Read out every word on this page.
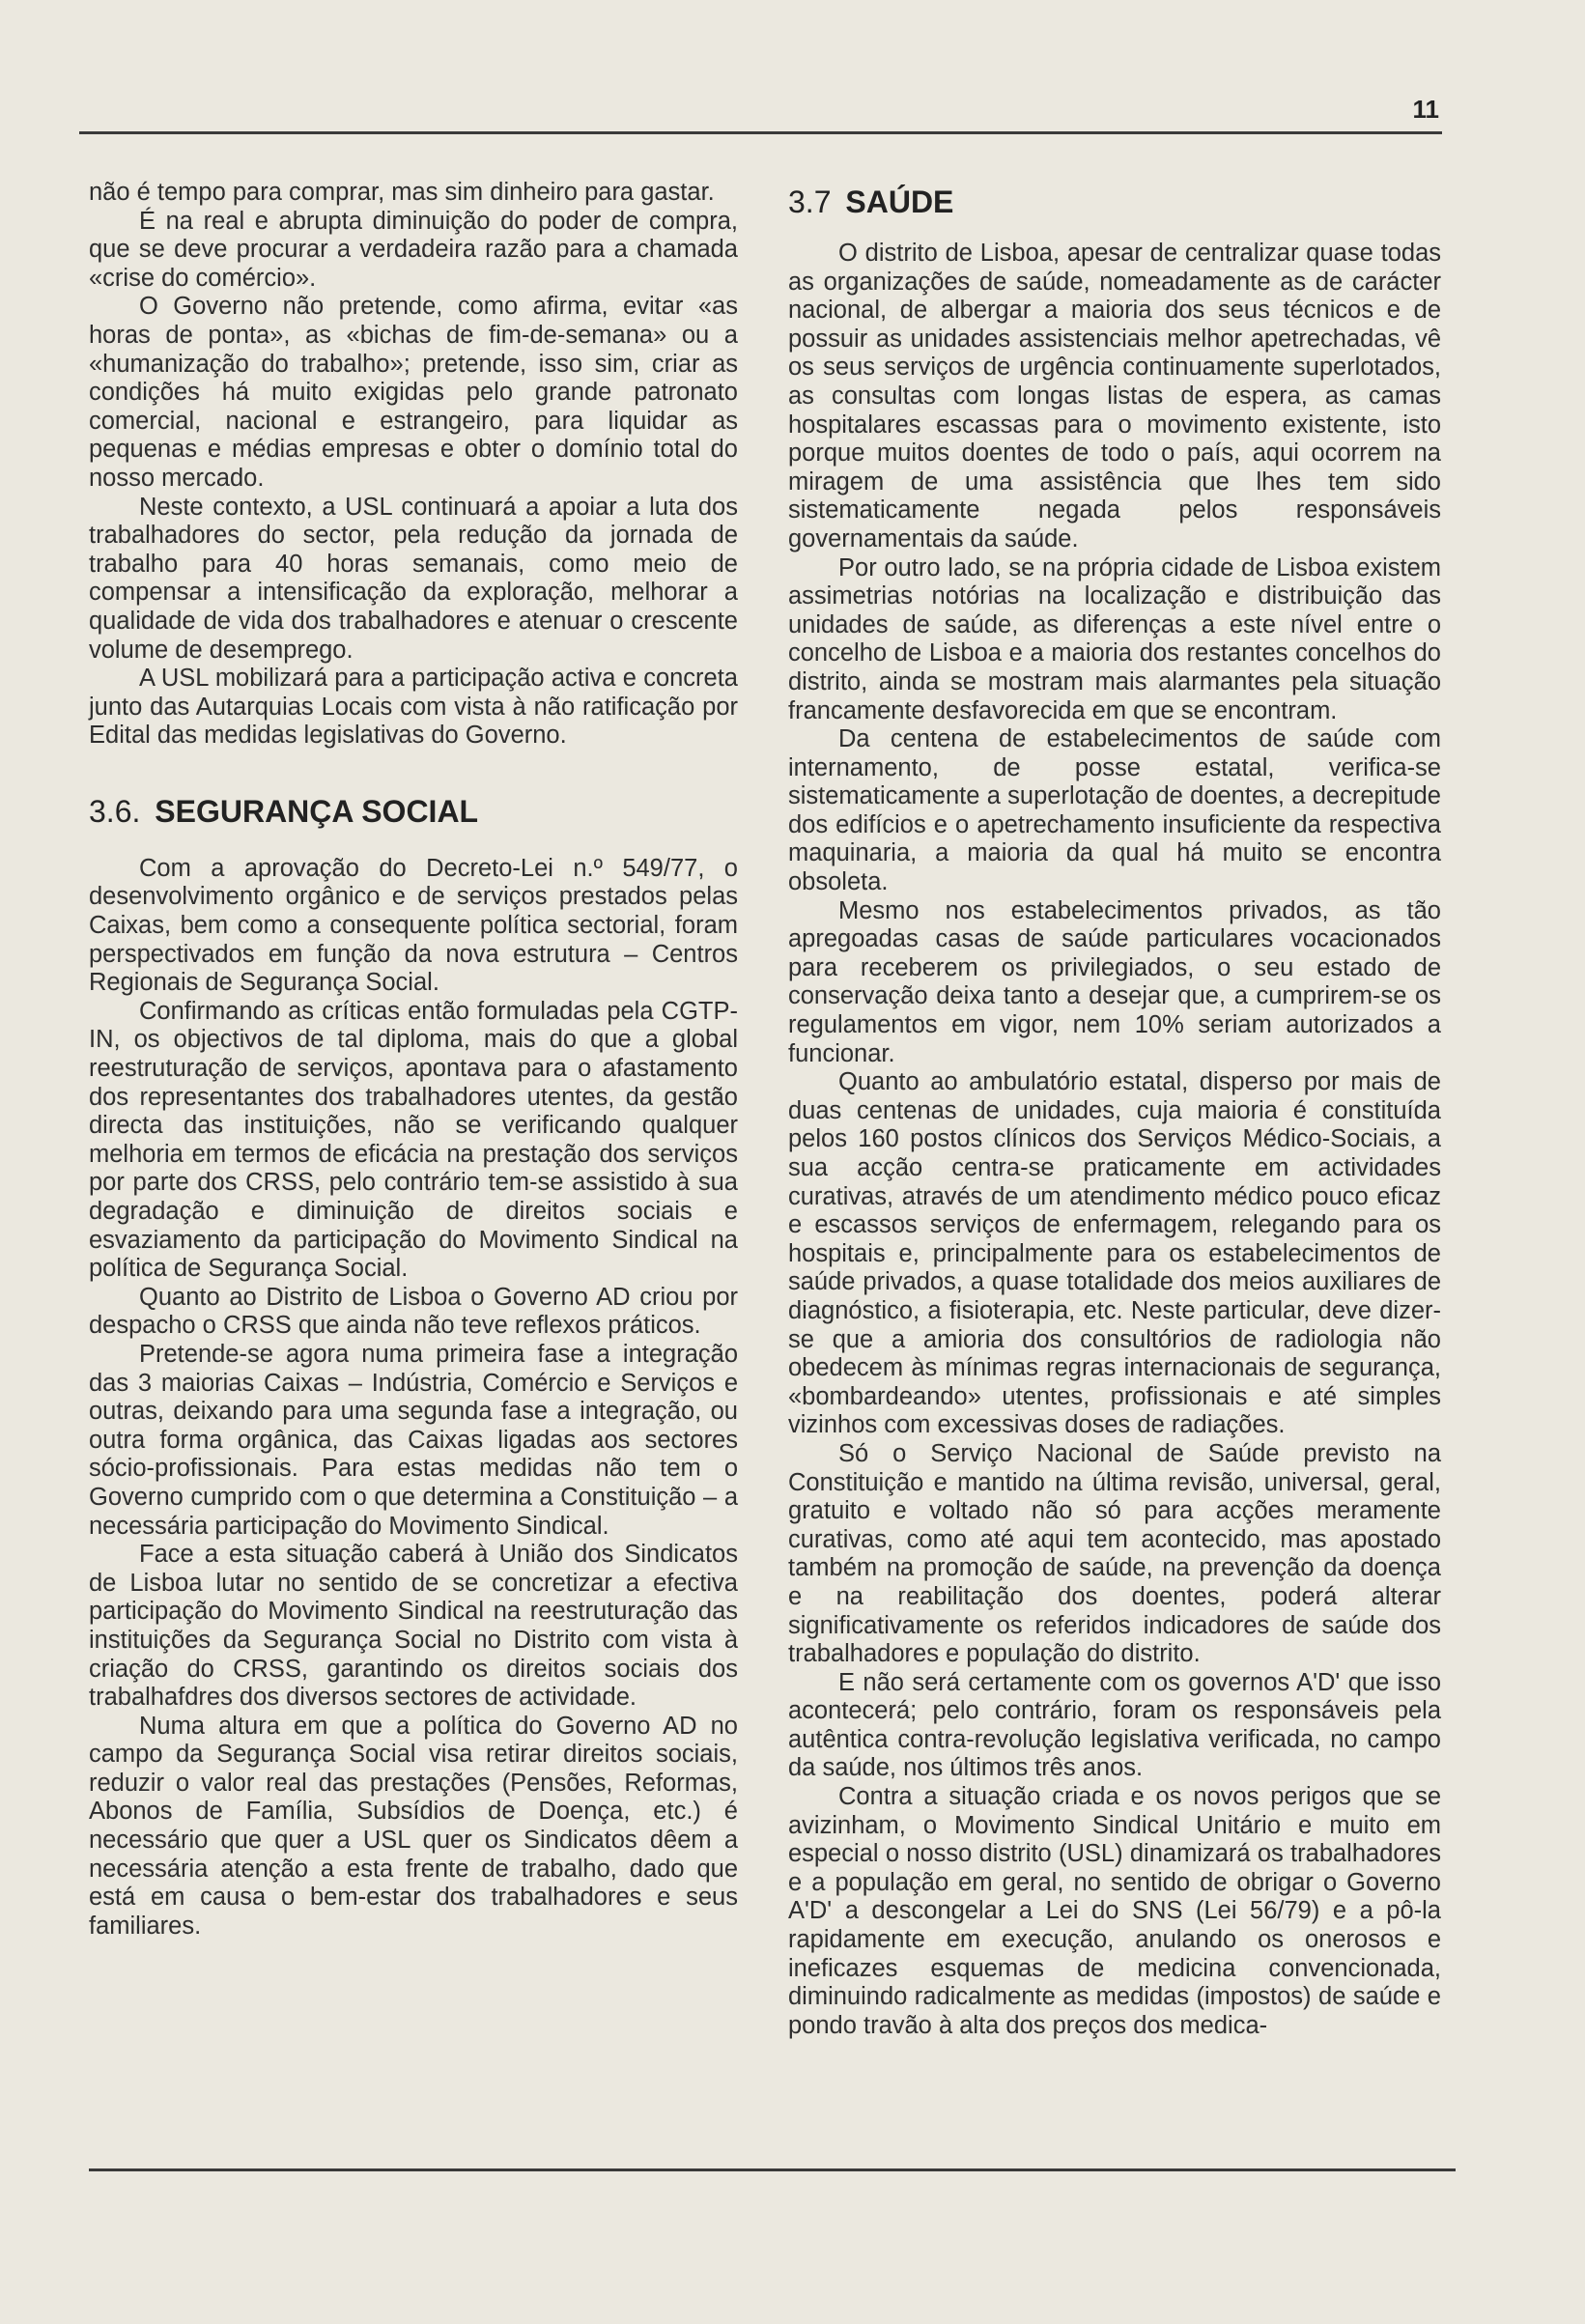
11

não é tempo para comprar, mas sim dinheiro para gastar.

É na real e abrupta diminuição do poder de compra, que se deve procurar a verdadeira razão para a chamada «crise do comércio».

O Governo não pretende, como afirma, evitar «as horas de ponta», as «bichas de fim-de-semana» ou a «humanização do trabalho»; pretende, isso sim, criar as condições há muito exigidas pelo grande patronato comercial, nacional e estrangeiro, para liquidar as pequenas e médias empresas e obter o domínio total do nosso mercado.

Neste contexto, a USL continuará a apoiar a luta dos trabalhadores do sector, pela redução da jornada de trabalho para 40 horas semanais, como meio de compensar a intensificação da exploração, melhorar a qualidade de vida dos trabalhadores e atenuar o crescente volume de desemprego.

A USL mobilizará para a participação activa e concreta junto das Autarquias Locais com vista à não ratificação por Edital das medidas legislativas do Governo.

3.6. SEGURANÇA SOCIAL

Com a aprovação do Decreto-Lei n.º 549/77, o desenvolvimento orgânico e de serviços prestados pelas Caixas, bem como a consequente política sectorial, foram perspectivados em função da nova estrutura – Centros Regionais de Segurança Social.

Confirmando as críticas então formuladas pela CGTP-IN, os objectivos de tal diploma, mais do que a global reestruturação de serviços, apontava para o afastamento dos representantes dos trabalhadores utentes, da gestão directa das instituições, não se verificando qualquer melhoria em termos de eficácia na prestação dos serviços por parte dos CRSS, pelo contrário tem-se assistido à sua degradação e diminuição de direitos sociais e esvaziamento da participação do Movimento Sindical na política de Segurança Social.

Quanto ao Distrito de Lisboa o Governo AD criou por despacho o CRSS que ainda não teve reflexos práticos.

Pretende-se agora numa primeira fase a integração das 3 maiorias Caixas – Indústria, Comércio e Serviços e outras, deixando para uma segunda fase a integração, ou outra forma orgânica, das Caixas ligadas aos sectores sócio-profissionais. Para estas medidas não tem o Governo cumprido com o que determina a Constituição – a necessária participação do Movimento Sindical.

Face a esta situação caberá à União dos Sindicatos de Lisboa lutar no sentido de se concretizar a efectiva participação do Movimento Sindical na reestruturação das instituições da Segurança Social no Distrito com vista à criação do CRSS, garantindo os direitos sociais dos trabalhafdres dos diversos sectores de actividade.

Numa altura em que a política do Governo AD no campo da Segurança Social visa retirar direitos sociais, reduzir o valor real das prestações (Pensões, Reformas, Abonos de Família, Subsídios de Doença, etc.) é necessário que quer a USL quer os Sindicatos dêem a necessária atenção a esta frente de trabalho, dado que está em causa o bem-estar dos trabalhadores e seus familiares.

3.7 SAÚDE

O distrito de Lisboa, apesar de centralizar quase todas as organizações de saúde, nomeadamente as de carácter nacional, de albergar a maioria dos seus técnicos e de possuir as unidades assistenciais melhor apetrechadas, vê os seus serviços de urgência continuamente superlotados, as consultas com longas listas de espera, as camas hospitalares escassas para o movimento existente, isto porque muitos doentes de todo o país, aqui ocorrem na miragem de uma assistência que lhes tem sido sistematicamente negada pelos responsáveis governamentais da saúde.

Por outro lado, se na própria cidade de Lisboa existem assimetrias notórias na localização e distribuição das unidades de saúde, as diferenças a este nível entre o concelho de Lisboa e a maioria dos restantes concelhos do distrito, ainda se mostram mais alarmantes pela situação francamente desfavorecida em que se encontram.

Da centena de estabelecimentos de saúde com internamento, de posse estatal, verifica-se sistematicamente a superlotação de doentes, a decrepitude dos edifícios e o apetrechamento insuficiente da respectiva maquinaria, a maioria da qual há muito se encontra obsoleta.

Mesmo nos estabelecimentos privados, as tão apregoadas casas de saúde particulares vocacionados para receberem os privilegiados, o seu estado de conservação deixa tanto a desejar que, a cumprirem-se os regulamentos em vigor, nem 10% seriam autorizados a funcionar.

Quanto ao ambulatório estatal, disperso por mais de duas centenas de unidades, cuja maioria é constituída pelos 160 postos clínicos dos Serviços Médico-Sociais, a sua acção centra-se praticamente em actividades curativas, através de um atendimento médico pouco eficaz e escassos serviços de enfermagem, relegando para os hospitais e, principalmente para os estabelecimentos de saúde privados, a quase totalidade dos meios auxiliares de diagnóstico, a fisioterapia, etc. Neste particular, deve dizer-se que a amioria dos consultórios de radiologia não obedecem às mínimas regras internacionais de segurança, «bombardeando» utentes, profissionais e até simples vizinhos com excessivas doses de radiações.

Só o Serviço Nacional de Saúde previsto na Constituição e mantido na última revisão, universal, geral, gratuito e voltado não só para acções meramente curativas, como até aqui tem acontecido, mas apostado também na promoção de saúde, na prevenção da doença e na reabilitação dos doentes, poderá alterar significativamente os referidos indicadores de saúde dos trabalhadores e população do distrito.

E não será certamente com os governos A'D' que isso acontecerá; pelo contrário, foram os responsáveis pela autêntica contra-revolução legislativa verificada, no campo da saúde, nos últimos três anos.

Contra a situação criada e os novos perigos que se avizinham, o Movimento Sindical Unitário e muito em especial o nosso distrito (USL) dinamizará os trabalhadores e a população em geral, no sentido de obrigar o Governo A'D' a descongelar a Lei do SNS (Lei 56/79) e a pô-la rapidamente em execução, anulando os onerosos e ineficazes esquemas de medicina convencionada, diminuindo radicalmente as medidas (impostos) de saúde e pondo travão à alta dos preços dos medica-
